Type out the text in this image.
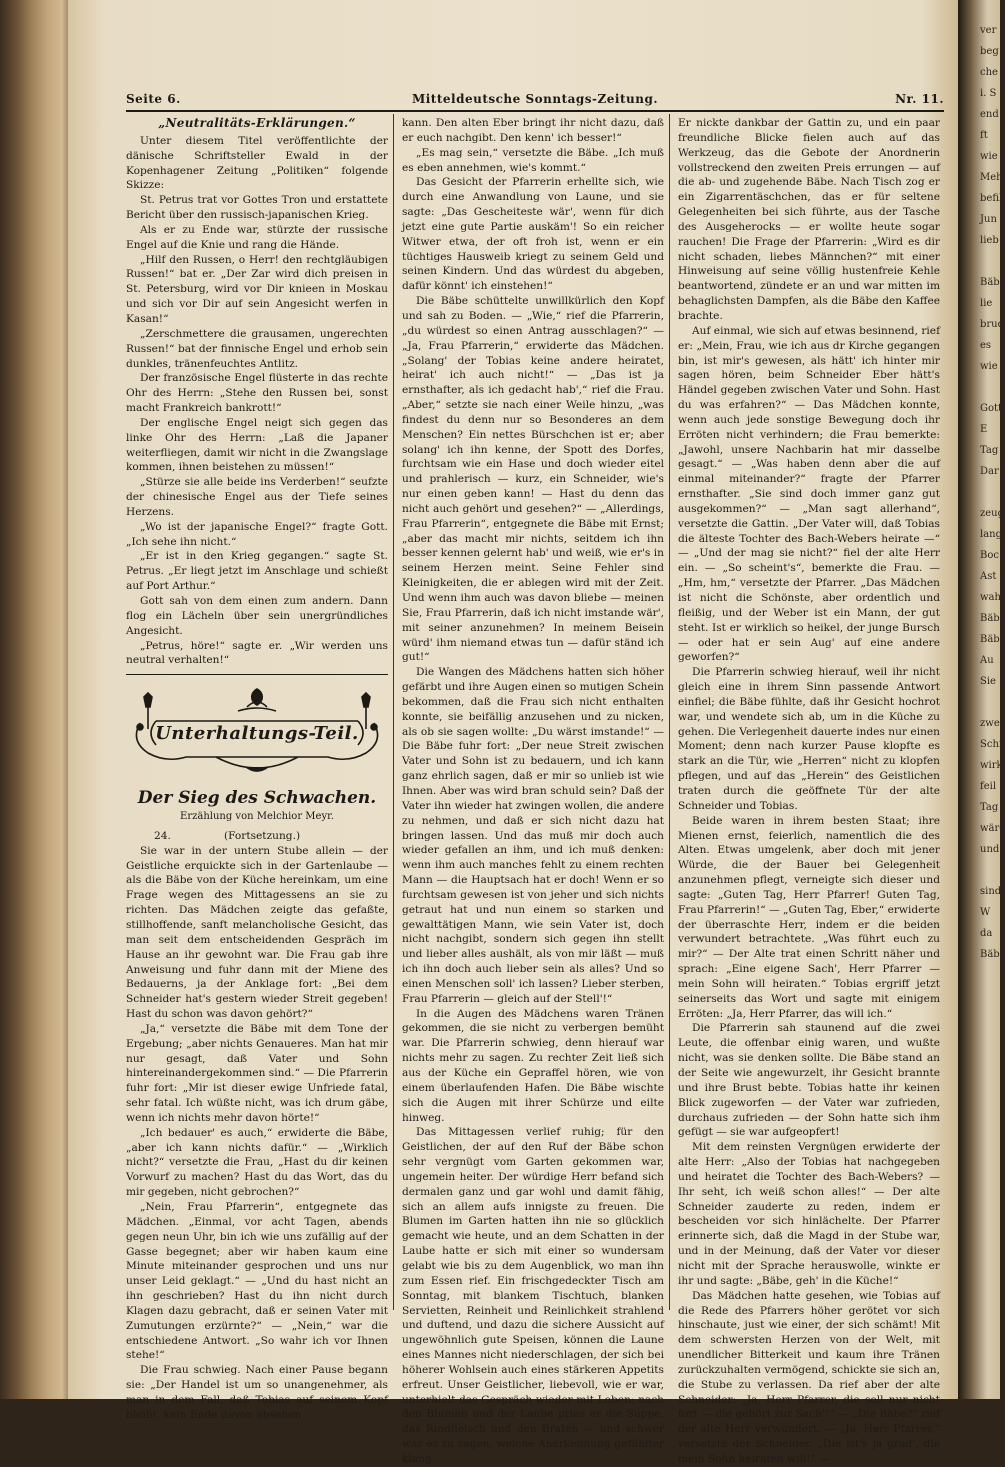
Seite 6.	Mitteldeutsche Sonntags-Zeitung.	Nr. 11.
„Neutralitäts-Erklärungen.“

Unter diesem Titel veröffentlichte der dänische Schriftsteller Ewald in der Kopenhagener Zeitung „Politiken“ folgende Skizze:

St. Petrus trat vor Gottes Tron und erstattete Bericht über den russisch-japanischen Krieg.

Als er zu Ende war, stürzte der russische Engel auf die Knie und rang die Hände.

„Hilf den Russen, o Herr! den rechtgläubigen Russen!“ bat er. „Der Zar wird dich preisen in St. Petersburg, wird vor Dir knieen in Moskau und sich vor Dir auf sein Angesicht werfen in Kasan!“

„Zerschmettere die grausamen, ungerechten Russen!“ bat der finnische Engel und erhob sein dunkles, tränenfeuchtes Antlitz.

Der französische Engel flüsterte in das rechte Ohr des Herrn: „Stehe den Russen bei, sonst macht Frankreich bankrott!“

Der englische Engel neigt sich gegen das linke Ohr des Herrn: „Laß die Japaner weiterfliegen, damit wir nicht in die Zwangslage kommen, ihnen beistehen zu müssen!“

„Stürze sie alle beide ins Verderben!“ seufzte der chinesische Engel aus der Tiefe seines Herzens.

„Wo ist der japanische Engel?“ fragte Gott. „Ich sehe ihn nicht.“

„Er ist in den Krieg gegangen.“ sagte St. Petrus. „Er liegt jetzt im Anschlage und schießt auf Port Arthur.“

Gott sah von dem einen zum andern. Dann flog ein Lächeln über sein unergründliches Angesicht.

„Petrus, höre!“ sagte er. „Wir werden uns neutral verhalten!“

Unterhaltungs-Teil.
Der Sieg des Schwachen.
Erzählung von Melchior Meyr.

24.	(Fortsetzung.)

Sie war in der untern Stube allein — der Geistliche erquickte sich in der Gartenlaube — als die Bäbe von der Küche hereinkam, um eine Frage wegen des Mittagessens an sie zu richten. Das Mädchen zeigte das gefaßte, stillhoffende, sanft melancholische Gesicht, das man seit dem entscheidenden Gespräch im Hause an ihr gewohnt war. Die Frau gab ihre Anweisung und fuhr dann mit der Miene des Bedauerns, ja der Anklage fort: „Bei dem Schneider hat's gestern wieder Streit gegeben! Hast du schon was davon gehört?“

„Ja,“ versetzte die Bäbe mit dem Tone der Ergebung; „aber nichts Genaueres. Man hat mir nur gesagt, daß Vater und Sohn hintereinandergekommen sind.“ — Die Pfarrerin fuhr fort: „Mir ist dieser ewige Unfriede fatal, sehr fatal. Ich wüßte nicht, was ich drum gäbe, wenn ich nichts mehr davon hörte!“

„Ich bedauer' es auch,“ erwiderte die Bäbe, „aber ich kann nichts dafür.“ — „Wirklich nicht?“ versetzte die Frau, „Hast du dir keinen Vorwurf zu machen? Hast du das Wort, das du mir gegeben, nicht gebrochen?“

„Nein, Frau Pfarrerin“, entgegnete das Mädchen. „Einmal, vor acht Tagen, abends gegen neun Uhr, bin ich wie uns zufällig auf der Gasse begegnet; aber wir haben kaum eine Minute miteinander gesprochen und uns nur unser Leid geklagt.“ — „Und du hast nicht an ihn geschrieben? Hast du ihn nicht durch Klagen dazu gebracht, daß er seinen Vater mit Zumutungen erzürnte?“ — „Nein,“ war die entschiedene Antwort. „So wahr ich vor Ihnen stehe!“

Die Frau schwieg. Nach einer Pause begann sie: „Der Handel ist um so unangenehmer, als man in dem Fall, daß Tobias auf seinem Kopf bleibt, kein Ende davon absehen

kann. Den alten Eber bringt ihr nicht dazu, daß er euch nachgibt. Den kenn' ich besser!“

„Es mag sein,“ versetzte die Bäbe. „Ich muß es eben annehmen, wie's kommt.“

Das Gesicht der Pfarrerin erhellte sich, wie durch eine Anwandlung von Laune, und sie sagte: „Das Gescheiteste wär', wenn für dich jetzt eine gute Partie auskäm'! So ein reicher Witwer etwa, der oft froh ist, wenn er ein tüchtiges Hausweib kriegt zu seinem Geld und seinen Kindern. Und das würdest du abgeben, dafür könnt' ich einstehen!“

Die Bäbe schüttelte unwillkürlich den Kopf und sah zu Boden. — „Wie,“ rief die Pfarrerin, „du würdest so einen Antrag ausschlagen?“ — „Ja, Frau Pfarrerin,“ erwiderte das Mädchen. „Solang' der Tobias keine andere heiratet, heirat' ich auch nicht!“ — „Das ist ja ernsthafter, als ich gedacht hab',“ rief die Frau. „Aber,“ setzte sie nach einer Weile hinzu, „was findest du denn nur so Besonderes an dem Menschen? Ein nettes Bürschchen ist er; aber solang' ich ihn kenne, der Spott des Dorfes, furchtsam wie ein Hase und doch wieder eitel und prahlerisch — kurz, ein Schneider, wie's nur einen geben kann! — Hast du denn das nicht auch gehört und gesehen?“ — „Allerdings, Frau Pfarrerin“, entgegnete die Bäbe mit Ernst; „aber das macht mir nichts, seitdem ich ihn besser kennen gelernt hab' und weiß, wie er's in seinem Herzen meint. Seine Fehler sind Kleinigkeiten, die er ablegen wird mit der Zeit. Und wenn ihm auch was davon bliebe — meinen Sie, Frau Pfarrerin, daß ich nicht imstande wär', mit seiner anzunehmen? In meinem Beisein würd' ihm niemand etwas tun — dafür ständ ich gut!“

Die Wangen des Mädchens hatten sich höher gefärbt und ihre Augen einen so mutigen Schein bekommen, daß die Frau sich nicht enthalten konnte, sie beifällig anzusehen und zu nicken, als ob sie sagen wollte: „Du wärst imstande!“ — Die Bäbe fuhr fort: „Der neue Streit zwischen Vater und Sohn ist zu bedauern, und ich kann ganz ehrlich sagen, daß er mir so unlieb ist wie Ihnen. Aber was wird bran schuld sein? Daß der Vater ihn wieder hat zwingen wollen, die andere zu nehmen, und daß er sich nicht dazu hat bringen lassen. Und das muß mir doch auch wieder gefallen an ihm, und ich muß denken: wenn ihm auch manches fehlt zu einem rechten Mann — die Hauptsach hat er doch! Wenn er so furchtsam gewesen ist von jeher und sich nichts getraut hat und nun einem so starken und gewalttätigen Mann, wie sein Vater ist, doch nicht nachgibt, sondern sich gegen ihn stellt und lieber alles aushält, als von mir läßt — muß ich ihn doch auch lieber sein als alles? Und so einen Menschen soll' ich lassen? Lieber sterben, Frau Pfarrerin — gleich auf der Stell'!“

In die Augen des Mädchens waren Tränen gekommen, die sie nicht zu verbergen bemüht war. Die Pfarrerin schwieg, denn hierauf war nichts mehr zu sagen. Zu rechter Zeit ließ sich aus der Küche ein Gepraffel hören, wie von einem überlaufenden Hafen. Die Bäbe wischte sich die Augen mit ihrer Schürze und eilte hinweg.

Das Mittagessen verlief ruhig; für den Geistlichen, der auf den Ruf der Bäbe schon sehr vergnügt vom Garten gekommen war, ungemein heiter. Der würdige Herr befand sich dermalen ganz und gar wohl und damit fähig, sich an allem aufs innigste zu freuen. Die Blumen im Garten hatten ihn nie so glücklich gemacht wie heute, und an dem Schatten in der Laube hatte er sich mit einer so wundersam gelabt wie bis zu dem Augenblick, wo man ihn zum Essen rief. Ein frischgedeckter Tisch am Sonntag, mit blankem Tischtuch, blanken Servietten, Reinheit und Reinlichkeit strahlend und duftend, und dazu die sichere Aussicht auf ungewöhnlich gute Speisen, können die Laune eines Mannes nicht niederschlagen, der sich bei höherer Wohlsein auch eines stärkeren Appetits erfreut. Unser Geistlicher, liebevoll, wie er war, unterhielt das Gespräch wieder mit Loben; nach den Blumen und der Laube pries er die Suppe, das Rindfleisch und den Braten — und schwer war es zu sagen, welche Anerkennung gefühlter klang.

Er nickte dankbar der Gattin zu, und ein paar freundliche Blicke fielen auch auf das Werkzeug, das die Gebote der Anordnerin vollstreckend den zweiten Preis errungen — auf die ab- und zugehende Bäbe. Nach Tisch zog er ein Zigarrentäschchen, das er für seltene Gelegenheiten bei sich führte, aus der Tasche des Ausgeherocks — er wollte heute sogar rauchen! Die Frage der Pfarrerin: „Wird es dir nicht schaden, liebes Männchen?“ mit einer Hinweisung auf seine völlig hustenfreie Kehle beantwortend, zündete er an und war mitten im behaglichsten Dampfen, als die Bäbe den Kaffee brachte.

Auf einmal, wie sich auf etwas besinnend, rief er: „Mein, Frau, wie ich aus dr Kirche gegangen bin, ist mir's gewesen, als hätt' ich hinter mir sagen hören, beim Schneider Eber hätt's Händel gegeben zwischen Vater und Sohn. Hast du was erfahren?“ — Das Mädchen konnte, wenn auch jede sonstige Bewegung doch ihr Erröten nicht verhindern; die Frau bemerkte: „Jawohl, unsere Nachbarin hat mir dasselbe gesagt.“ — „Was haben denn aber die auf einmal miteinander?“ fragte der Pfarrer ernsthafter. „Sie sind doch immer ganz gut ausgekommen?“ — „Man sagt allerhand“, versetzte die Gattin. „Der Vater will, daß Tobias die älteste Tochter des Bach-Webers heirate —“ — „Und der mag sie nicht?“ fiel der alte Herr ein. — „So scheint's“, bemerkte die Frau. — „Hm, hm,“ versetzte der Pfarrer. „Das Mädchen ist nicht die Schönste, aber ordentlich und fleißig, und der Weber ist ein Mann, der gut steht. Ist er wirklich so heikel, der junge Bursch — oder hat er sein Aug' auf eine andere geworfen?“

Die Pfarrerin schwieg hierauf, weil ihr nicht gleich eine in ihrem Sinn passende Antwort einfiel; die Bäbe fühlte, daß ihr Gesicht hochrot war, und wendete sich ab, um in die Küche zu gehen. Die Verlegenheit dauerte indes nur einen Moment; denn nach kurzer Pause klopfte es stark an die Tür, wie „Herren“ nicht zu klopfen pflegen, und auf das „Herein“ des Geistlichen traten durch die geöffnete Tür der alte Schneider und Tobias.

Beide waren in ihrem besten Staat; ihre Mienen ernst, feierlich, namentlich die des Alten. Etwas umgelenk, aber doch mit jener Würde, die der Bauer bei Gelegenheit anzunehmen pflegt, verneigte sich dieser und sagte: „Guten Tag, Herr Pfarrer! Guten Tag, Frau Pfarrerin!“ — „Guten Tag, Eber,“ erwiderte der überraschte Herr, indem er die beiden verwundert betrachtete. „Was führt euch zu mir?“ — Der Alte trat einen Schritt näher und sprach: „Eine eigene Sach', Herr Pfarrer — mein Sohn will heiraten.“ Tobias ergriff jetzt seinerseits das Wort und sagte mit einigem Erröten: „Ja, Herr Pfarrer, das will ich.“

Die Pfarrerin sah staunend auf die zwei Leute, die offenbar einig waren, und wußte nicht, was sie denken sollte. Die Bäbe stand an der Seite wie angewurzelt, ihr Gesicht brannte und ihre Brust bebte. Tobias hatte ihr keinen Blick zugeworfen — der Vater war zufrieden, durchaus zufrieden — der Sohn hatte sich ihm gefügt — sie war aufgeopfert!

Mit dem reinsten Vergnügen erwiderte der alte Herr: „Also der Tobias hat nachgegeben und heiratet die Tochter des Bach-Webers? — Ihr seht, ich weiß schon alles!“ — Der alte Schneider zauderte zu reden, indem er bescheiden vor sich hinlächelte. Der Pfarrer erinnerte sich, daß die Magd in der Stube war, und in der Meinung, daß der Vater vor dieser nicht mit der Sprache herauswolle, winkte er ihr und sagte: „Bäbe, geh' in die Küche!“

Das Mädchen hatte gesehen, wie Tobias auf die Rede des Pfarrers höher gerötet vor sich hinschaute, just wie einer, der sich schämt! Mit dem schwersten Herzen von der Welt, mit unendlicher Bitterkeit und kaum ihre Tränen zurückzuhalten vermögend, schickte sie sich an, die Stube zu verlassen. Da rief aber der alte Schneider: „Ja, Herr Pfarrer, die soll nur nicht fort — die gehört zur Sach'!“ — „Die Bäbe?“ rief der alte Herr verwundert. — „Ja, Herr Pfarrer,“ versetzte der Schneider. „Die ist's ja grad', die mein Sohn heiraten will!“ —

ver
beg
che
i. S
end
ft
wie
Meh
befil
Jun
lieb

Bäb
lie
brud
es
wie

Gott
E
Tag
Dar

zeug
lang
Boc
Ast
wah
Bäb
Bäb
Au
Sie

zwei
Schi
wirk
feil
Tag
wäre
und

sind
W
da
Bäb
